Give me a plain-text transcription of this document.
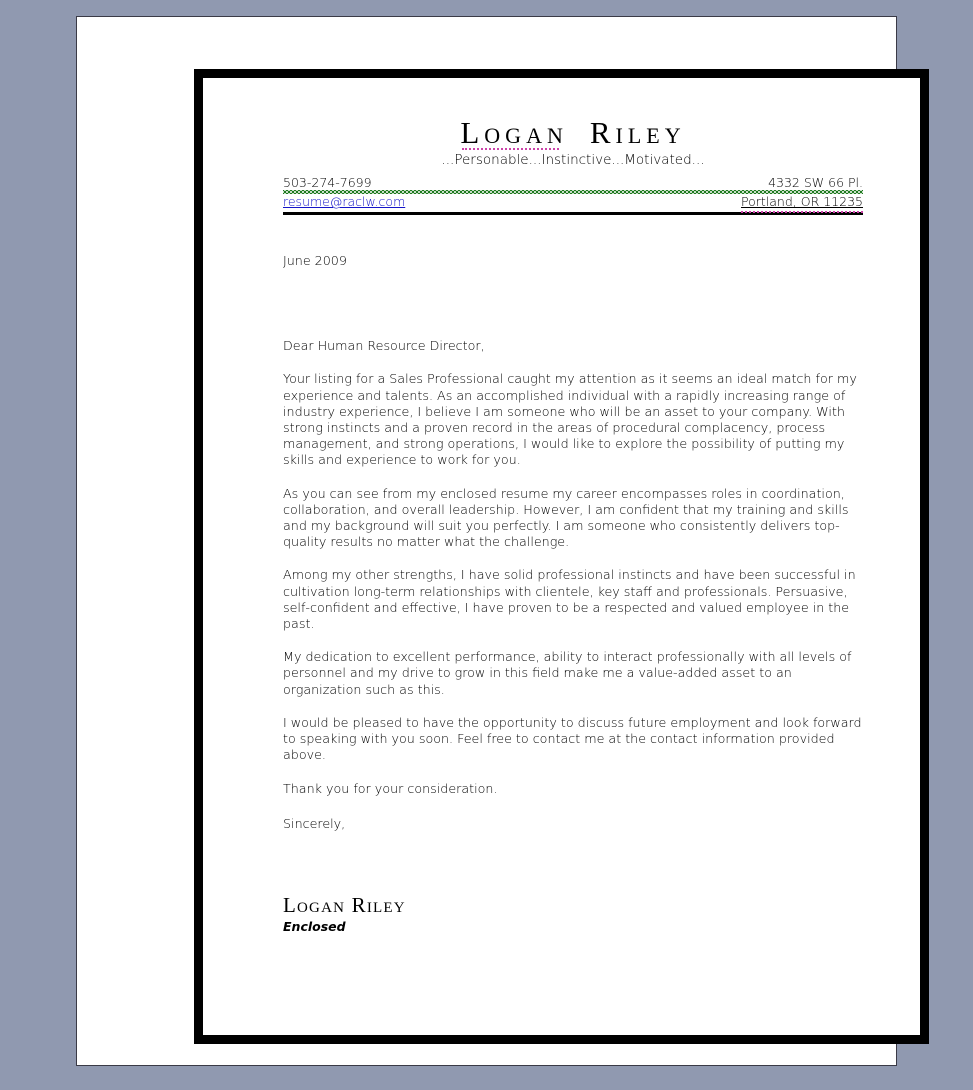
Logan Riley
...Personable...Instinctive...Motivated...
503-274-7699	4332 SW 66 Pl.
resume@raclw.com	Portland, OR 11235
June 2009
Dear Human Resource Director,
Your listing for a Sales Professional caught my attention as it seems an ideal match for my experience and talents. As an accomplished individual with a rapidly increasing range of industry experience, I believe I am someone who will be an asset to your company. With strong instincts and a proven record in the areas of procedural complacency, process management, and strong operations, I would like to explore the possibility of putting my skills and experience to work for you.
As you can see from my enclosed resume my career encompasses roles in coordination, collaboration, and overall leadership. However, I am confident that my training and skills and my background will suit you perfectly. I am someone who consistently delivers top-quality results no matter what the challenge.
Among my other strengths, I have solid professional instincts and have been successful in cultivation long-term relationships with clientele, key staff and professionals. Persuasive, self-confident and effective, I have proven to be a respected and valued employee in the past.
My dedication to excellent performance, ability to interact professionally with all levels of personnel and my drive to grow in this field make me a value-added asset to an organization such as this.
I would be pleased to have the opportunity to discuss future employment and look forward to speaking with you soon. Feel free to contact me at the contact information provided above.
Thank you for your consideration.
Sincerely,
Logan Riley
Enclosed
